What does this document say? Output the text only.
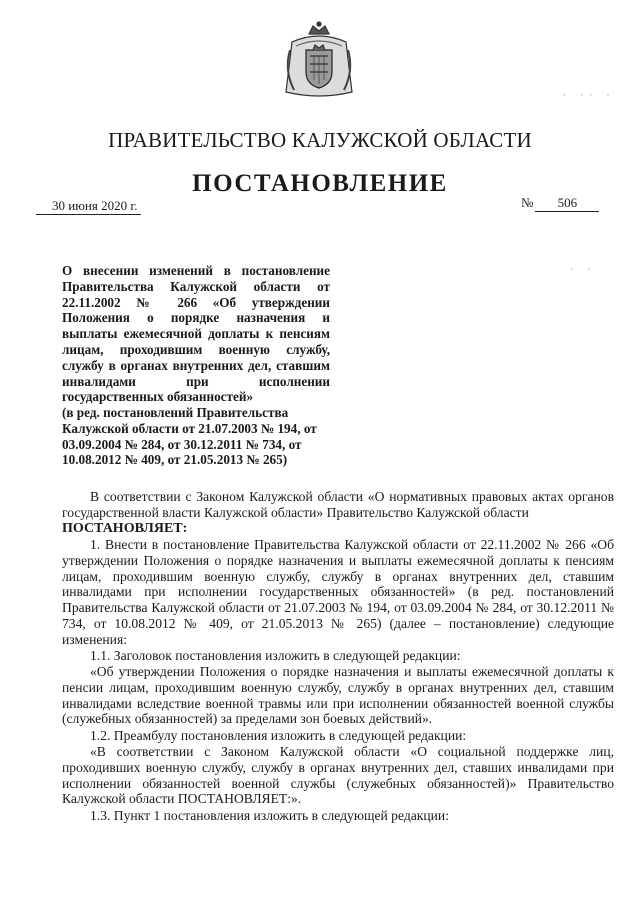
· ·· ·
· ·
ПРАВИТЕЛЬСТВО КАЛУЖСКОЙ ОБЛАСТИ
ПОСТАНОВЛЕНИЕ
30 июня 2020 г.	№ 506

О внесении изменений в постановление Правительства Калужской области от 22.11.2002 № 266 «Об утверждении Положения о порядке назначения и выплаты ежемесячной доплаты к пенсиям лицам, проходившим военную службу, службу в органах внутренних дел, ставшим инвалидами при исполнении государственных обязанностей»

(в ред. постановлений Правительства Калужской области от 21.07.2003 № 194, от 03.09.2004 № 284, от 30.12.2011 № 734, от 10.08.2012 № 409, от 21.05.2013 № 265)

В соответствии с Законом Калужской области «О нормативных правовых актах органов государственной власти Калужской области» Правительство Калужской области

ПОСТАНОВЛЯЕТ:

1. Внести в постановление Правительства Калужской области от 22.11.2002 № 266 «Об утверждении Положения о порядке назначения и выплаты ежемесячной доплаты к пенсиям лицам, проходившим военную службу, службу в органах внутренних дел, ставшим инвалидами при исполнении государственных обязанностей» (в ред. постановлений Правительства Калужской области от 21.07.2003 № 194, от 03.09.2004 № 284, от 30.12.2011 № 734, от 10.08.2012 № 409, от 21.05.2013 № 265) (далее – постановление) следующие изменения:

1.1. Заголовок постановления изложить в следующей редакции:

«Об утверждении Положения о порядке назначения и выплаты ежемесячной доплаты к пенсии лицам, проходившим военную службу, службу в органах внутренних дел, ставшим инвалидами вследствие военной травмы или при исполнении обязанностей военной службы (служебных обязанностей) за пределами зон боевых действий».

1.2. Преамбулу постановления изложить в следующей редакции:

«В соответствии с Законом Калужской области «О социальной поддержке лиц, проходивших военную службу, службу в органах внутренних дел, ставших инвалидами при исполнении обязанностей военной службы (служебных обязанностей)» Правительство Калужской области ПОСТАНОВЛЯЕТ:».

1.3. Пункт 1 постановления изложить в следующей редакции:
